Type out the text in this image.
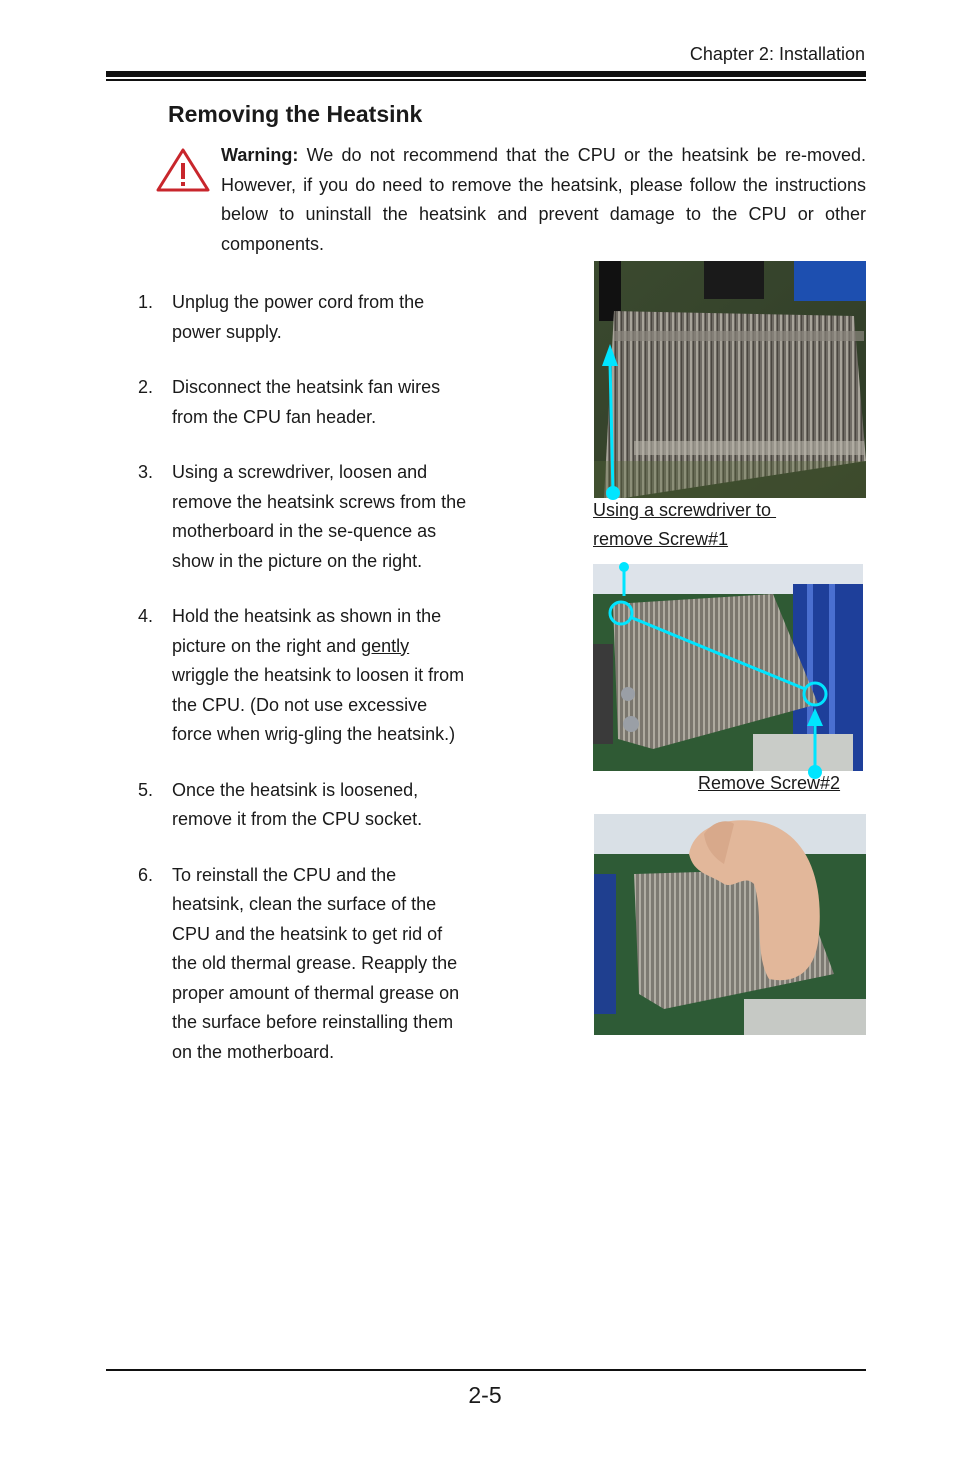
Chapter 2: Installation
Removing the Heatsink
Warning: We do not recommend that the CPU or the heatsink be re-moved. However, if you do need to remove the heatsink, please follow the instructions below to uninstall the heatsink and prevent damage to the CPU or other components.
1. Unplug the power cord from the power supply.
2. Disconnect the heatsink fan wires from the CPU fan header.
3. Using a screwdriver, loosen and remove the heatsink screws from the motherboard in the se-quence as show in the picture on the right.
4. Hold the heatsink as shown in the picture on the right and gently wriggle the heatsink to loosen it from the CPU. (Do not use excessive force when wrig-gling the heatsink.)
5. Once the heatsink is loosened, remove it from the CPU socket.
6. To reinstall the CPU and the heatsink, clean the surface of the CPU and the heatsink to get rid of the old thermal grease. Reapply the proper amount of thermal grease on the surface before reinstalling them on the motherboard.
Using a screwdriver to
remove Screw#1
Remove Screw#2
2-5
